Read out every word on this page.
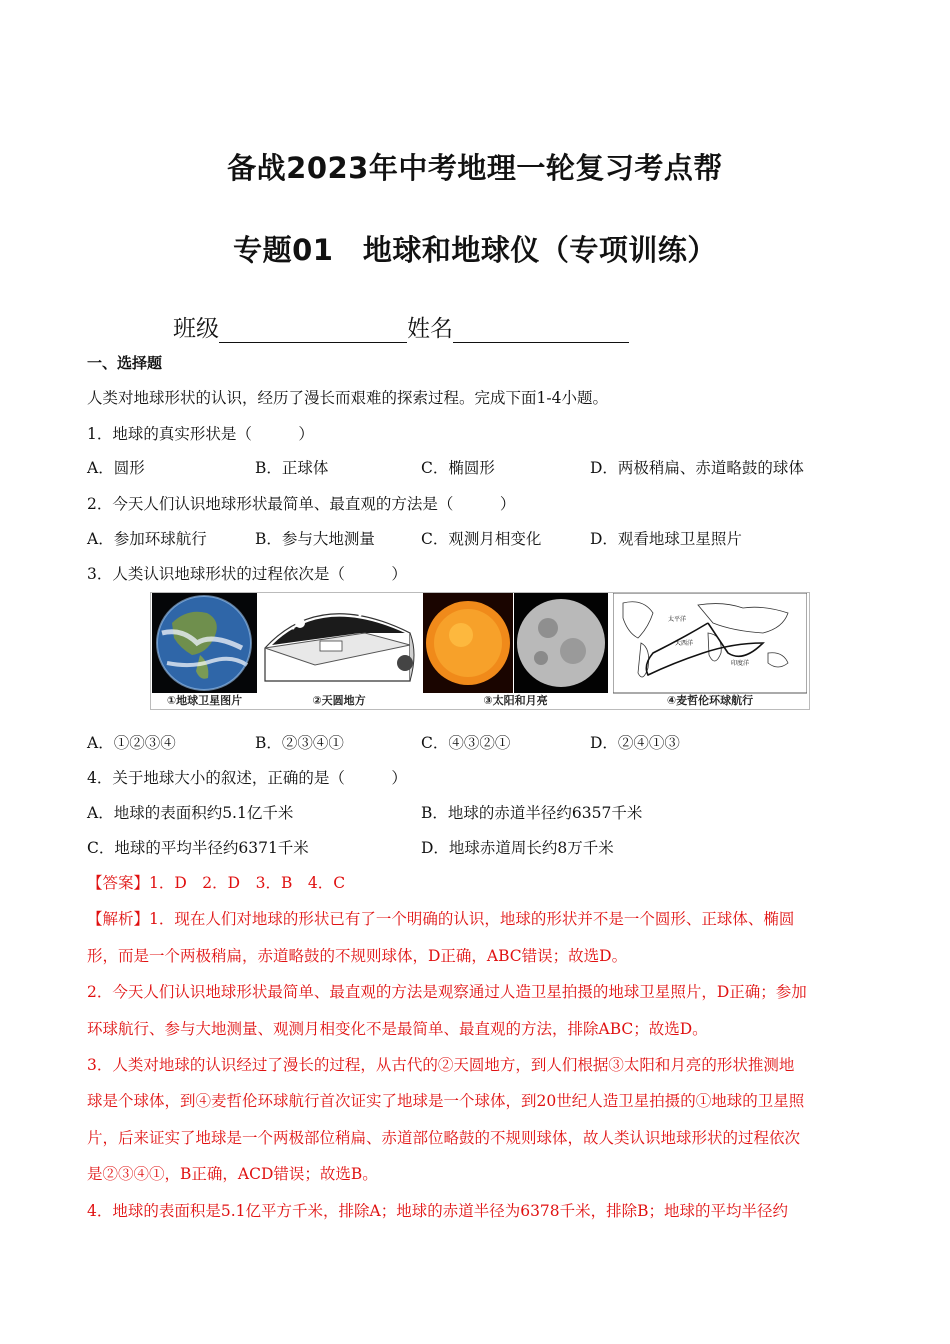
备战2023年中考地理一轮复习考点帮
专题01　地球和地球仪（专项训练）
班级	姓名
一、选择题
人类对地球形状的认识，经历了漫长而艰难的探索过程。完成下面1-4小题。
1．地球的真实形状是（　　　）
A．圆形	B．正球体	C．椭圆形	D．两极稍扁、赤道略鼓的球体
2．今天人们认识地球形状最简单、最直观的方法是（　　　）
A．参加环球航行	B．参与大地测量	C．观测月相变化	D．观看地球卫星照片
3．人类认识地球形状的过程依次是（　　　）
①地球卫星图片	②天圆地方	③太阳和月亮
太平洋
大西洋
印度洋
④麦哲伦环球航行
A．①②③④	B．②③④①	C．④③②①	D．②④①③
4．关于地球大小的叙述，正确的是（　　　）
A．地球的表面积约5.1亿千米	B．地球的赤道半径约6357千米
C．地球的平均半径约6371千米	D．地球赤道周长约8万千米
【答案】1．D　2．D　3．B　4．C
【解析】1．现在人们对地球的形状已有了一个明确的认识，地球的形状并不是一个圆形、正球体、椭圆
形，而是一个两极稍扁，赤道略鼓的不规则球体，D正确，ABC错误；故选D。
2．今天人们认识地球形状最简单、最直观的方法是观察通过人造卫星拍摄的地球卫星照片，D正确；参加
环球航行、参与大地测量、观测月相变化不是最简单、最直观的方法，排除ABC；故选D。
3．人类对地球的认识经过了漫长的过程，从古代的②天圆地方，到人们根据③太阳和月亮的形状推测地
球是个球体，到④麦哲伦环球航行首次证实了地球是一个球体，到20世纪人造卫星拍摄的①地球的卫星照
片，后来证实了地球是一个两极部位稍扁、赤道部位略鼓的不规则球体，故人类认识地球形状的过程依次
是②③④①，B正确，ACD错误；故选B。
4．地球的表面积是5.1亿平方千米，排除A；地球的赤道半径为6378千米，排除B；地球的平均半径约
